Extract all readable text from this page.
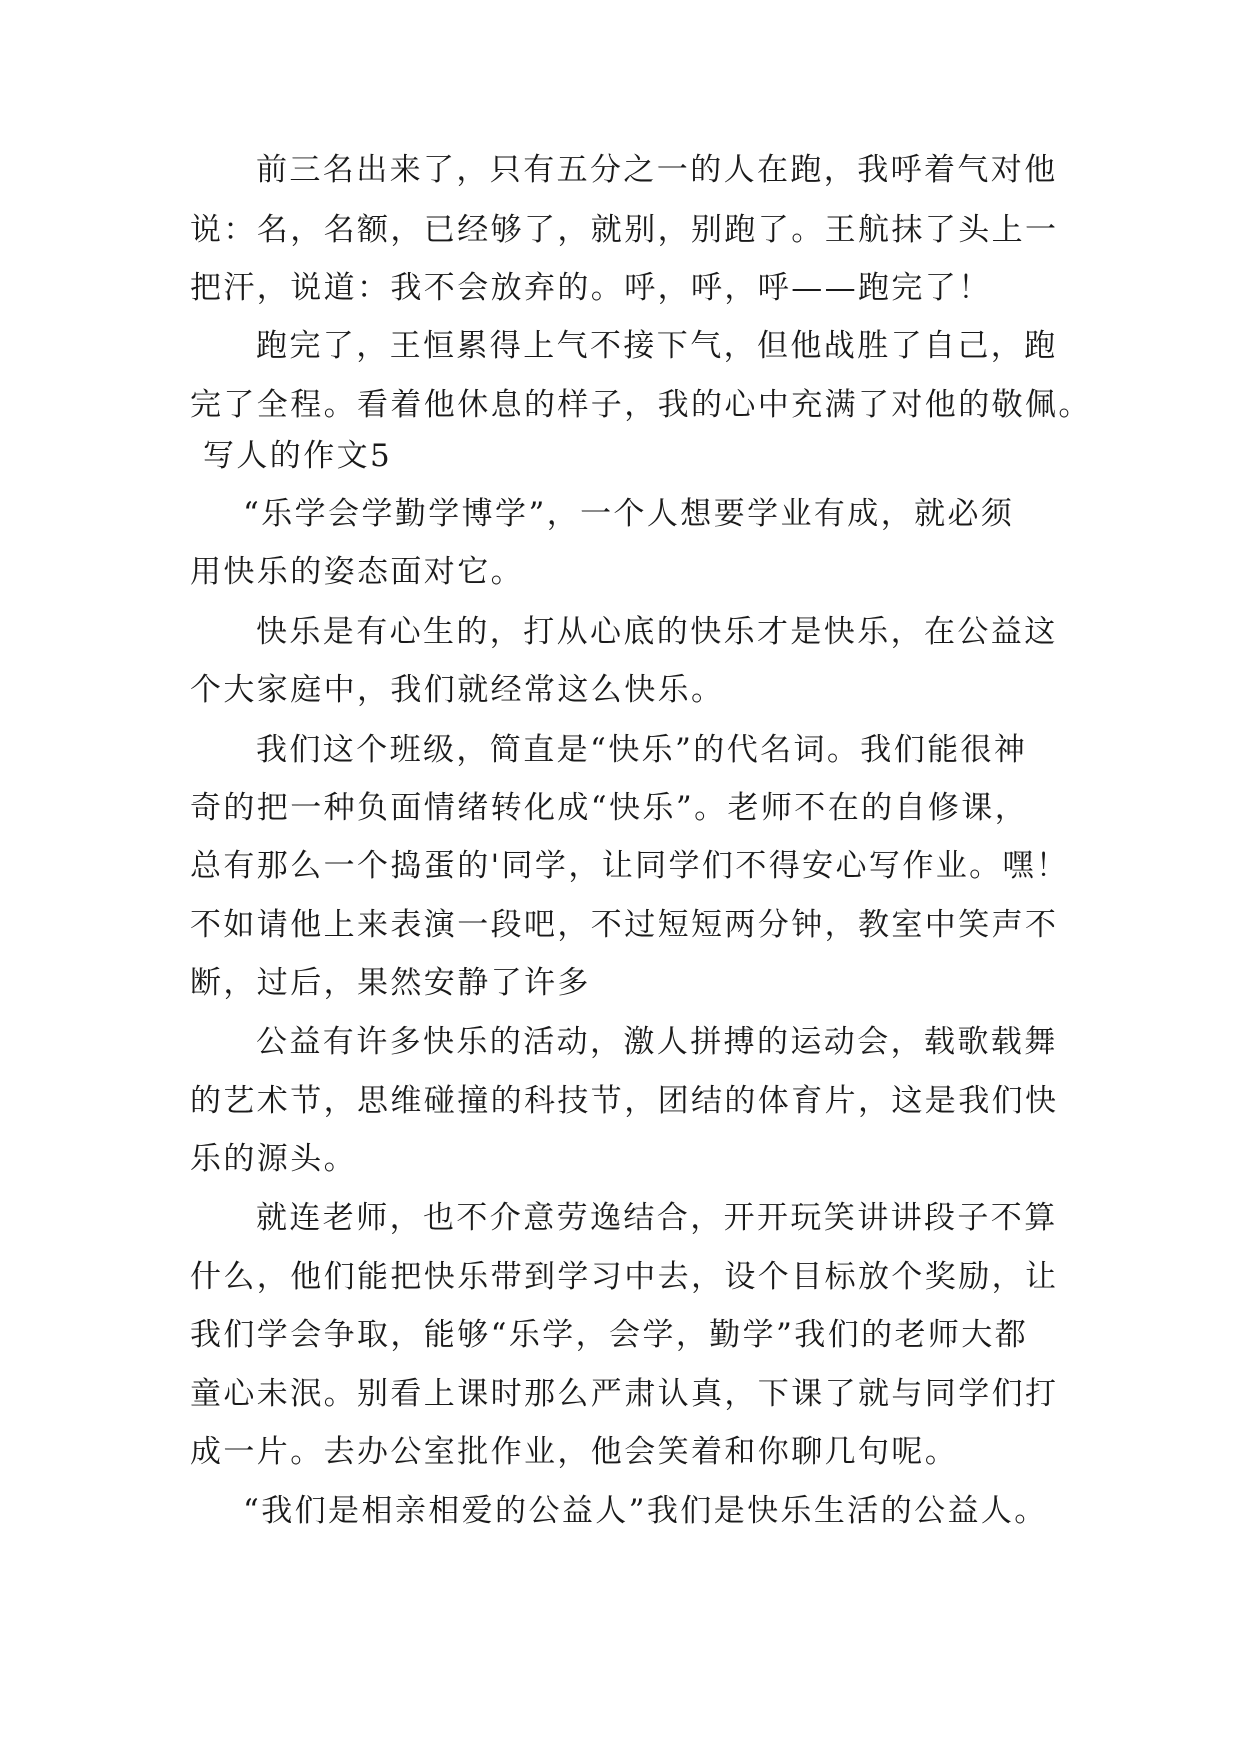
前三名出来了，只有五分之一的人在跑，我呼着气对他
说：名，名额，已经够了，就别，别跑了。王航抹了头上一
把汗，说道：我不会放弃的。呼，呼，呼——跑完了！
跑完了，王恒累得上气不接下气，但他战胜了自己，跑
完了全程。看着他休息的样子，我的心中充满了对他的敬佩。
写人的作文5
“乐学会学勤学博学”，一个人想要学业有成，就必须
用快乐的姿态面对它。
快乐是有心生的，打从心底的快乐才是快乐，在公益这
个大家庭中，我们就经常这么快乐。
我们这个班级，简直是“快乐”的代名词。我们能很神
奇的把一种负面情绪转化成“快乐”。老师不在的自修课，
总有那么一个捣蛋的'同学，让同学们不得安心写作业。嘿！
不如请他上来表演一段吧，不过短短两分钟，教室中笑声不
断，过后，果然安静了许多
公益有许多快乐的活动，激人拼搏的运动会，载歌载舞
的艺术节，思维碰撞的科技节，团结的体育片，这是我们快
乐的源头。
就连老师，也不介意劳逸结合，开开玩笑讲讲段子不算
什么，他们能把快乐带到学习中去，设个目标放个奖励，让
我们学会争取，能够“乐学，会学，勤学”我们的老师大都
童心未泯。别看上课时那么严肃认真，下课了就与同学们打
成一片。去办公室批作业，他会笑着和你聊几句呢。
“我们是相亲相爱的公益人”我们是快乐生活的公益人。
